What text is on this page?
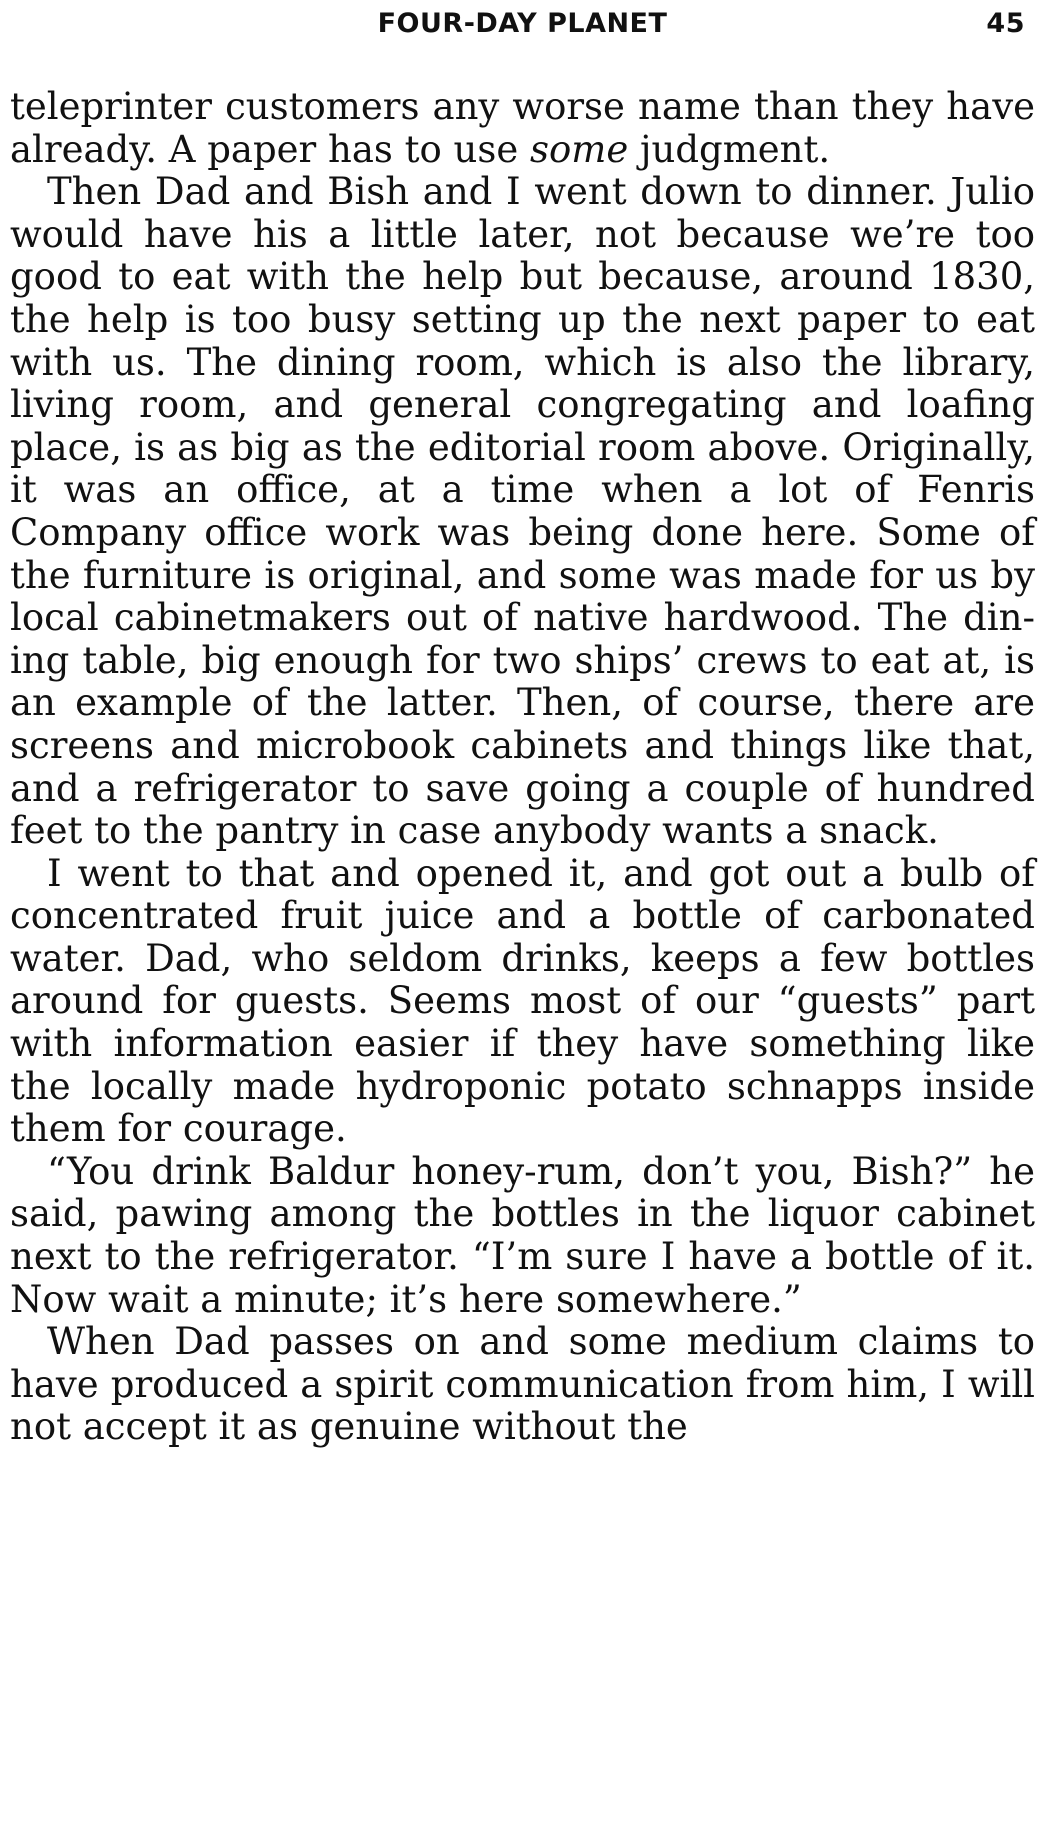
FOUR-DAY PLANET	45

teleprinter customers any worse name than they have already. A paper has to use some judgment.

Then Dad and Bish and I went down to dinner. Julio would have his a little later, not because we’re too good to eat with the help but because, around 1830, the help is too busy setting up the next paper to eat with us. The dining room, which is also the library, living room, and general congregating and loafing place, is as big as the editorial room above. Originally, it was an office, at a time when a lot of Fenris Company office work was being done here. Some of the furniture is original, and some was made for us by local cabinetmakers out of native hardwood. The dining table, big enough for two ships’ crews to eat at, is an example of the latter. Then, of course, there are screens and microbook cabinets and things like that, and a refrigerator to save going a couple of hundred feet to the pantry in case anybody wants a snack.

I went to that and opened it, and got out a bulb of concentrated fruit juice and a bottle of carbonated water. Dad, who seldom drinks, keeps a few bottles around for guests. Seems most of our “guests” part with information easier if they have something like the locally made hydroponic potato schnapps inside them for courage.

“You drink Baldur honey-rum, don’t you, Bish?” he said, pawing among the bottles in the liquor cabinet next to the refrigerator. “I’m sure I have a bottle of it. Now wait a minute; it’s here somewhere.”

When Dad passes on and some medium claims to have produced a spirit communication from him, I will not accept it as genuine without the
